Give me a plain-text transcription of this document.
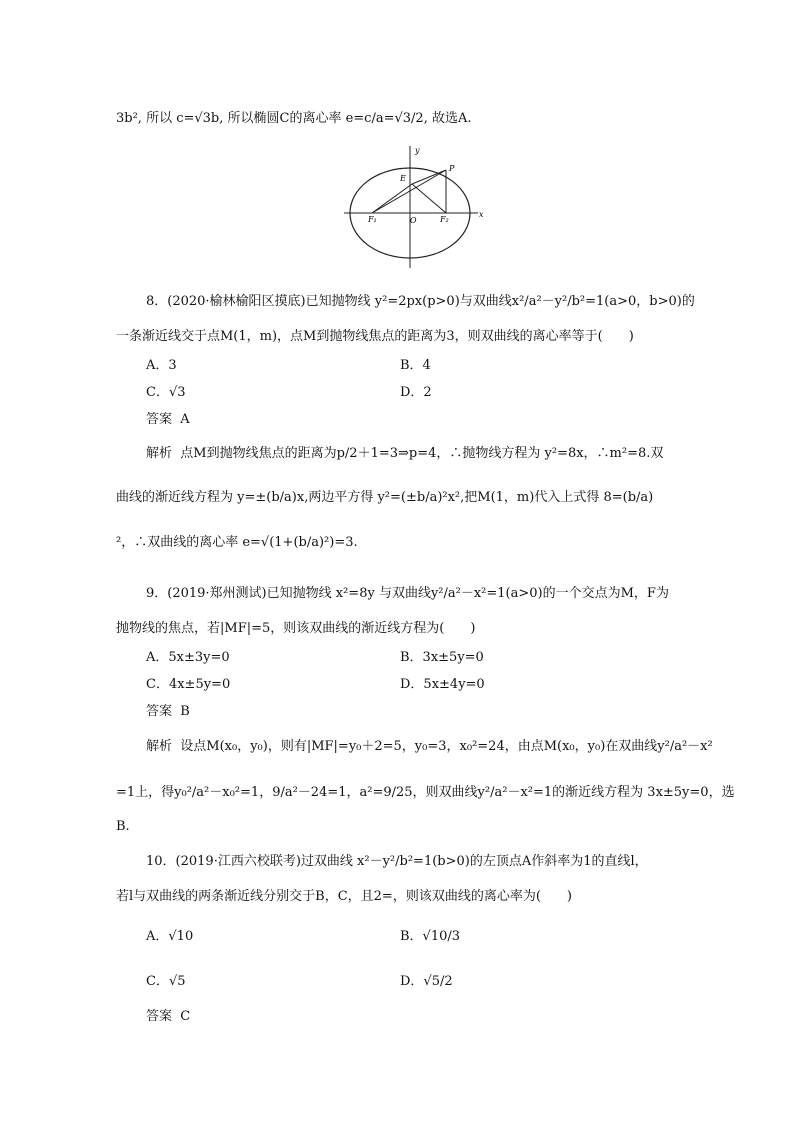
3b², 所以 c=√3b, 所以椭圆C的离心率 e=c/a=√3/2, 故选A.
y
x
P
E
O
F₁	F₂
8．(2020·榆林榆阳区摸底)已知抛物线 y²=2px(p>0)与双曲线x²/a²－y²/b²=1(a>0，b>0)的
一条渐近线交于点M(1，m)，点M到抛物线焦点的距离为3，则双曲线的离心率等于(　　)
A．3	B．4
C．√3	D．2
答案 A
解析 点M到抛物线焦点的距离为p/2＋1=3⇒p=4，∴抛物线方程为 y²=8x，∴m²=8.双
曲线的渐近线方程为 y=±(b/a)x,两边平方得 y²=(±b/a)²x²,把M(1，m)代入上式得 8=(b/a)
²，∴双曲线的离心率 e=√(1+(b/a)²)=3.
9．(2019·郑州测试)已知抛物线 x²=8y 与双曲线y²/a²－x²=1(a>0)的一个交点为M，F为
抛物线的焦点，若|MF|=5，则该双曲线的渐近线方程为(　　)
A．5x±3y=0	B．3x±5y=0
C．4x±5y=0	D．5x±4y=0
答案 B
解析 设点M(x₀，y₀)，则有|MF|=y₀＋2=5，y₀=3，x₀²=24，由点M(x₀，y₀)在双曲线y²/a²－x²
=1上，得y₀²/a²－x₀²=1，9/a²－24=1，a²=9/25，则双曲线y²/a²－x²=1的渐近线方程为 3x±5y=0，选
B.
10．(2019·江西六校联考)过双曲线 x²－y²/b²=1(b>0)的左顶点A作斜率为1的直线l，
若l与双曲线的两条渐近线分别交于B，C，且2=，则该双曲线的离心率为(　　)
A．√10	B．√10/3
C．√5	D．√5/2
答案 C
